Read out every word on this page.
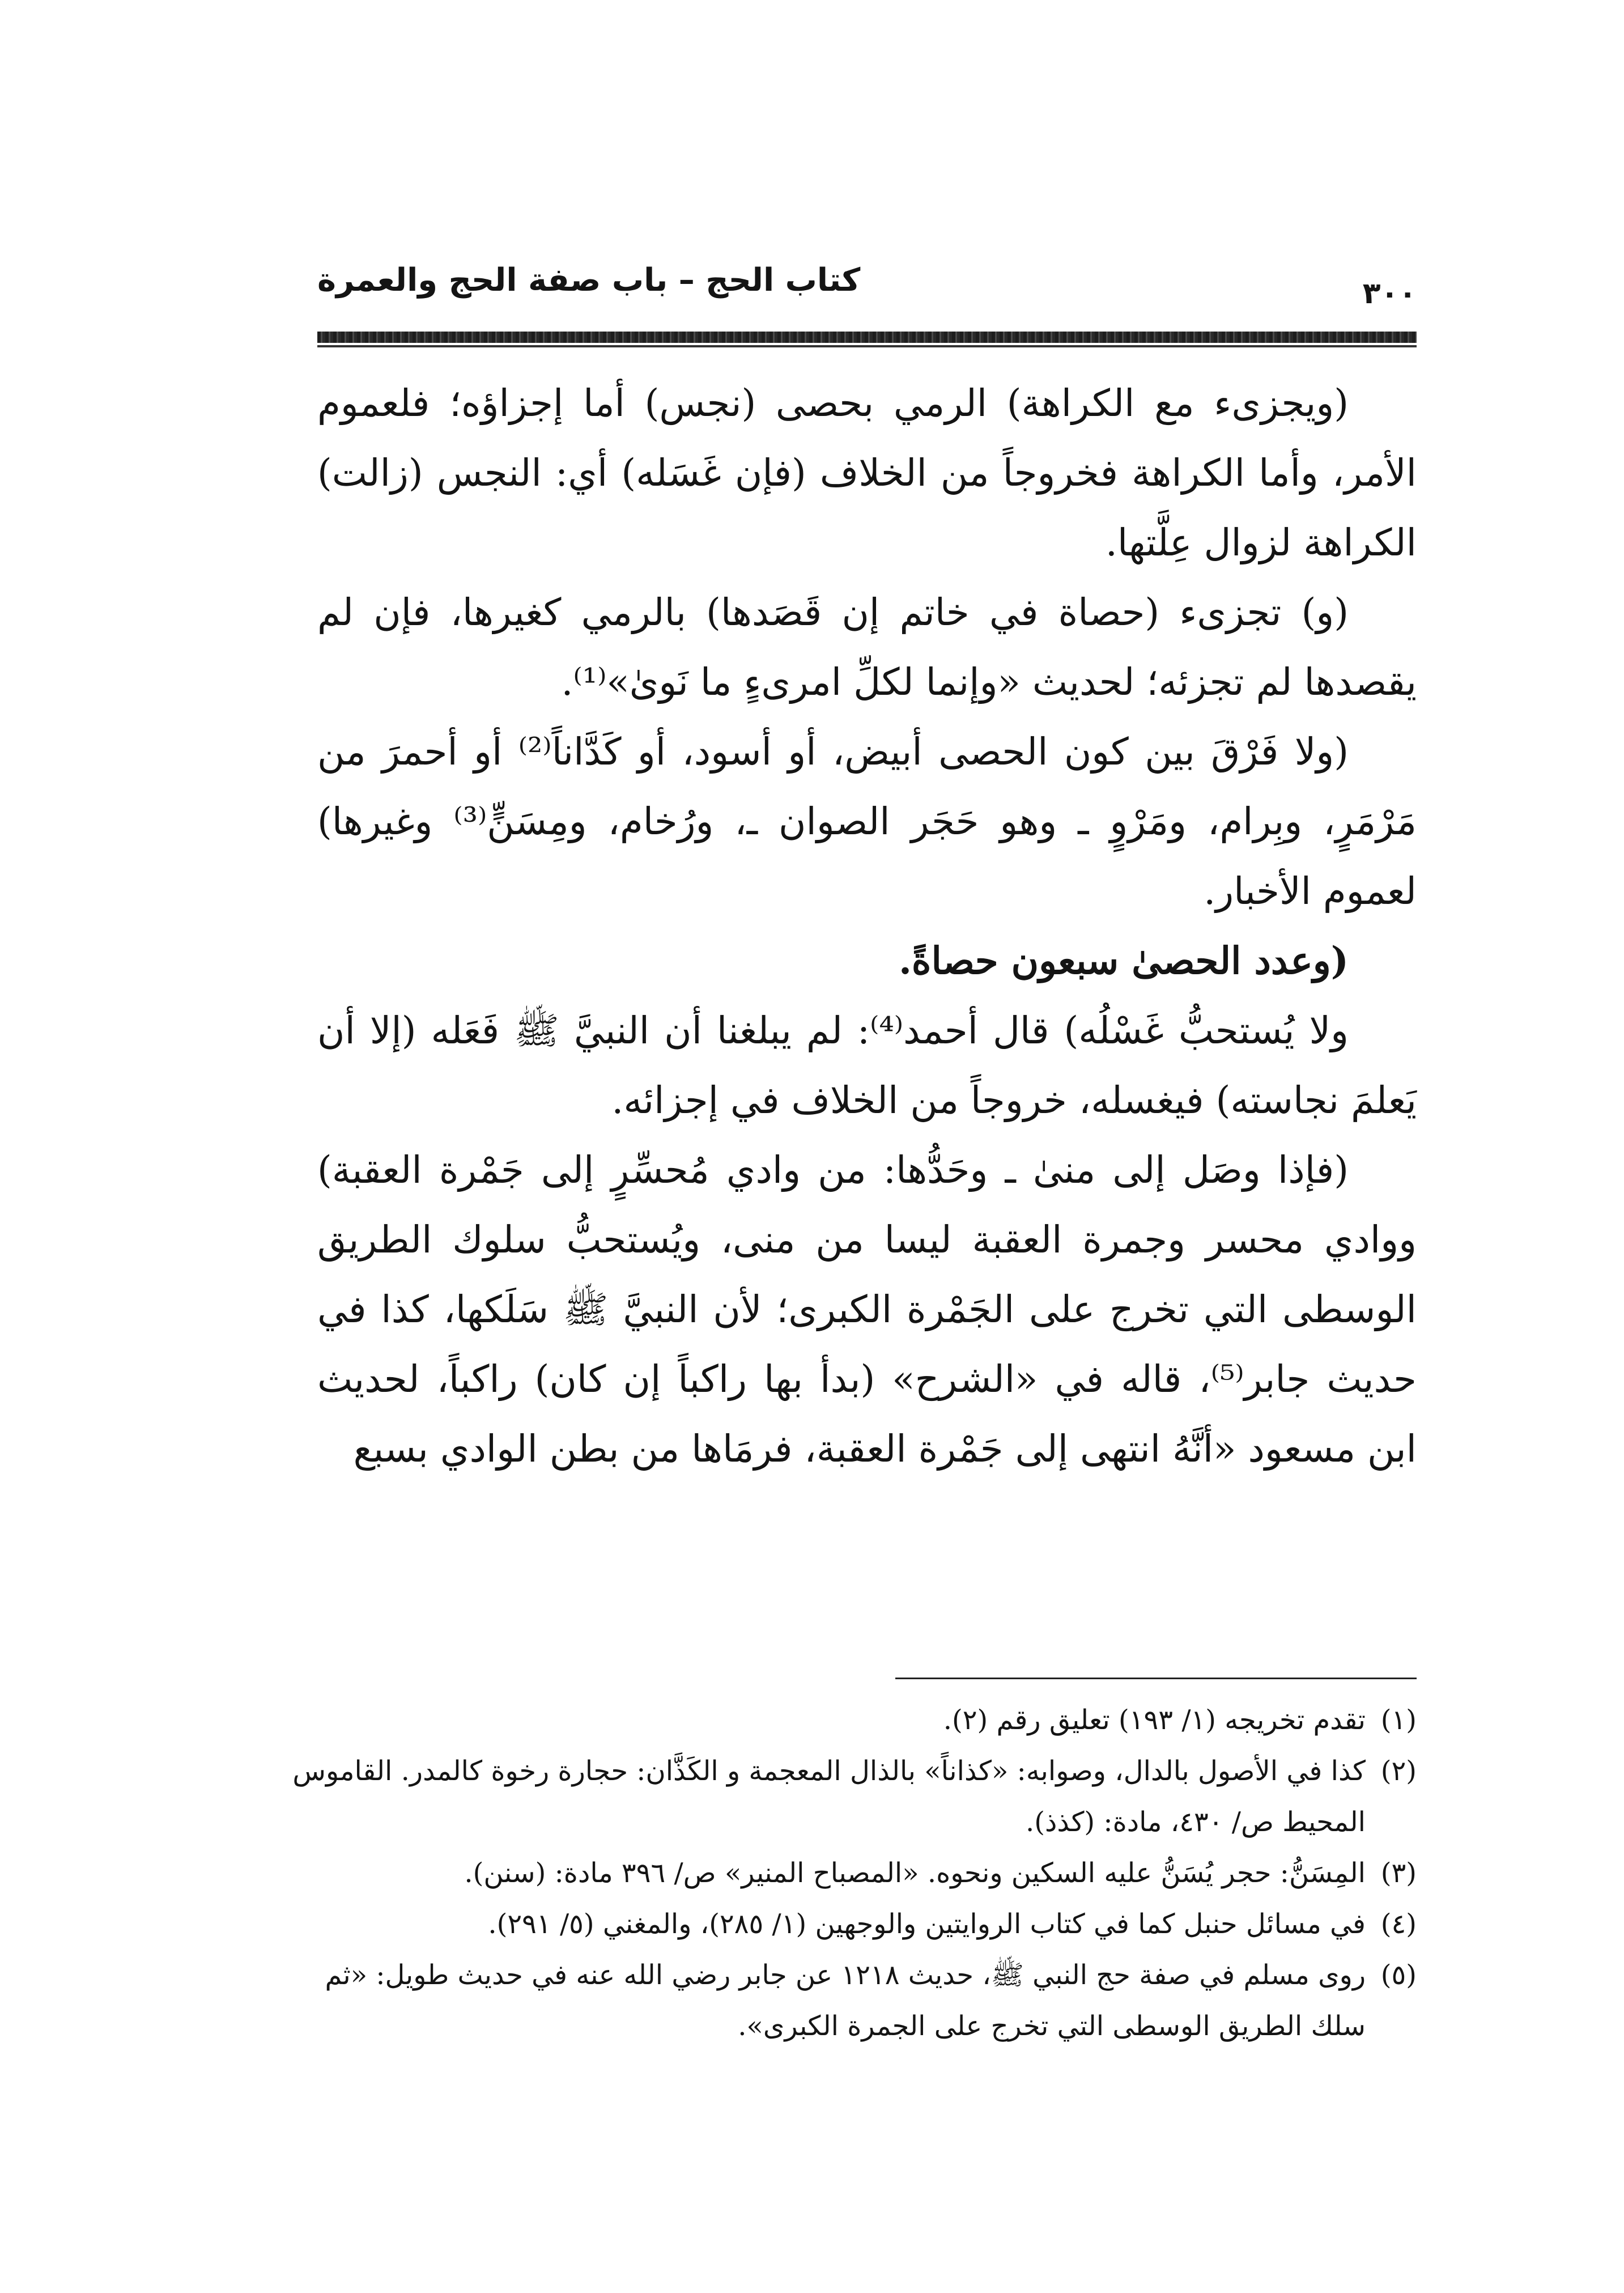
كتاب الحج – باب صفة الحج والعمرة	٣٠٠

(ويجزىء مع الكراهة) الرمي بحصى (نجس) أما إجزاؤه؛ فلعموم الأمر، وأما الكراهة فخروجاً من الخلاف (فإن غَسَله) أي: النجس (زالت) الكراهة لزوال عِلَّتها.

(و) تجزىء (حصاة في خاتم إن قَصَدها) بالرمي كغيرها، فإن لم يقصدها لم تجزئه؛ لحديث «وإنما لكلِّ امرىءٍ ما نَوىٰ»⁽¹⁾.

(ولا فَرْقَ بين كون الحصى أبيض، أو أسود، أو كَدَّاناً⁽²⁾ أو أحمرَ من مَرْمَرٍ، وبِرام، ومَرْوٍ ـ وهو حَجَر الصوان ـ، ورُخام، ومِسَنٍّ⁽³⁾ وغيرها) لعموم الأخبار.

(وعدد الحصىٰ سبعون حصاةً.

ولا يُستحبُّ غَسْلُه) قال أحمد⁽⁴⁾: لم يبلغنا أن النبيَّ ﷺ فَعَله (إلا أن يَعلمَ نجاسته) فيغسله، خروجاً من الخلاف في إجزائه.

(فإذا وصَل إلى منىٰ ـ وحَدُّها: من وادي مُحسِّرٍ إلى جَمْرة العقبة) ووادي محسر وجمرة العقبة ليسا من منى، ويُستحبُّ سلوك الطريق الوسطى التي تخرج على الجَمْرة الكبرى؛ لأن النبيَّ ﷺ سَلَكها، كذا في حديث جابر⁽⁵⁾، قاله في «الشرح» (بدأ بها راكباً إن كان) راكباً، لحديث ابن مسعود «أنَّهُ انتهى إلى جَمْرة العقبة، فرمَاها من بطن الوادي بسبع

(١)تقدم تخريجه (١/ ١٩٣) تعليق رقم (٢).

(٢)كذا في الأصول بالدال، وصوابه: «كذاناً» بالذال المعجمة و الكَذَّان: حجارة رخوة كالمدر. القاموس المحيط ص/ ٤٣٠، مادة: (كذذ).

(٣)المِسَنُّ: حجر يُسَنُّ عليه السكين ونحوه. «المصباح المنير» ص/ ٣٩٦ مادة: (سنن).

(٤)في مسائل حنبل كما في كتاب الروايتين والوجهين (١/ ٢٨٥)، والمغني (٥/ ٢٩١).

(٥)روى مسلم في صفة حج النبي ﷺ، حديث ١٢١٨ عن جابر رضي الله عنه في حديث طويل: «ثم سلك الطريق الوسطى التي تخرج على الجمرة الكبرى».
